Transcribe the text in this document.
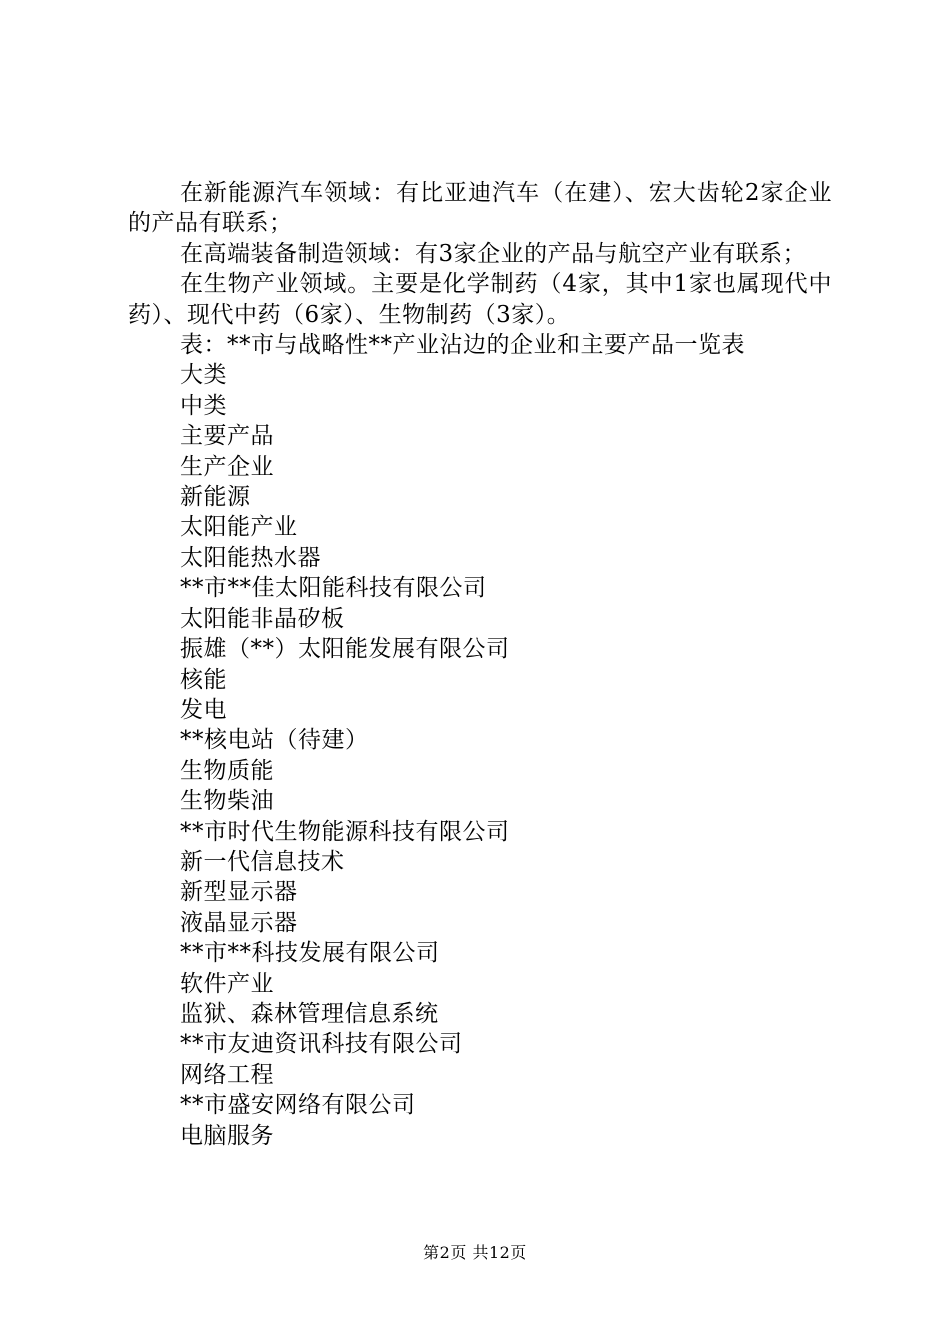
在新能源汽车领域：有比亚迪汽车（在建）、宏大齿轮2家企业的产品有联系；

在高端装备制造领域：有3家企业的产品与航空产业有联系；

在生物产业领域。主要是化学制药（4家，其中1家也属现代中药）、现代中药（6家）、生物制药（3家）。

表：**市与战略性**产业沾边的企业和主要产品一览表

大类
中类
主要产品
生产企业
新能源
太阳能产业
太阳能热水器
**市**佳太阳能科技有限公司
太阳能非晶矽板
振雄（**）太阳能发展有限公司
核能
发电
**核电站（待建）
生物质能
生物柴油
**市时代生物能源科技有限公司
新一代信息技术
新型显示器
液晶显示器
**市**科技发展有限公司
软件产业
监狱、森林管理信息系统
**市友迪资讯科技有限公司
网络工程
**市盛安网络有限公司
电脑服务
第2页 共12页
